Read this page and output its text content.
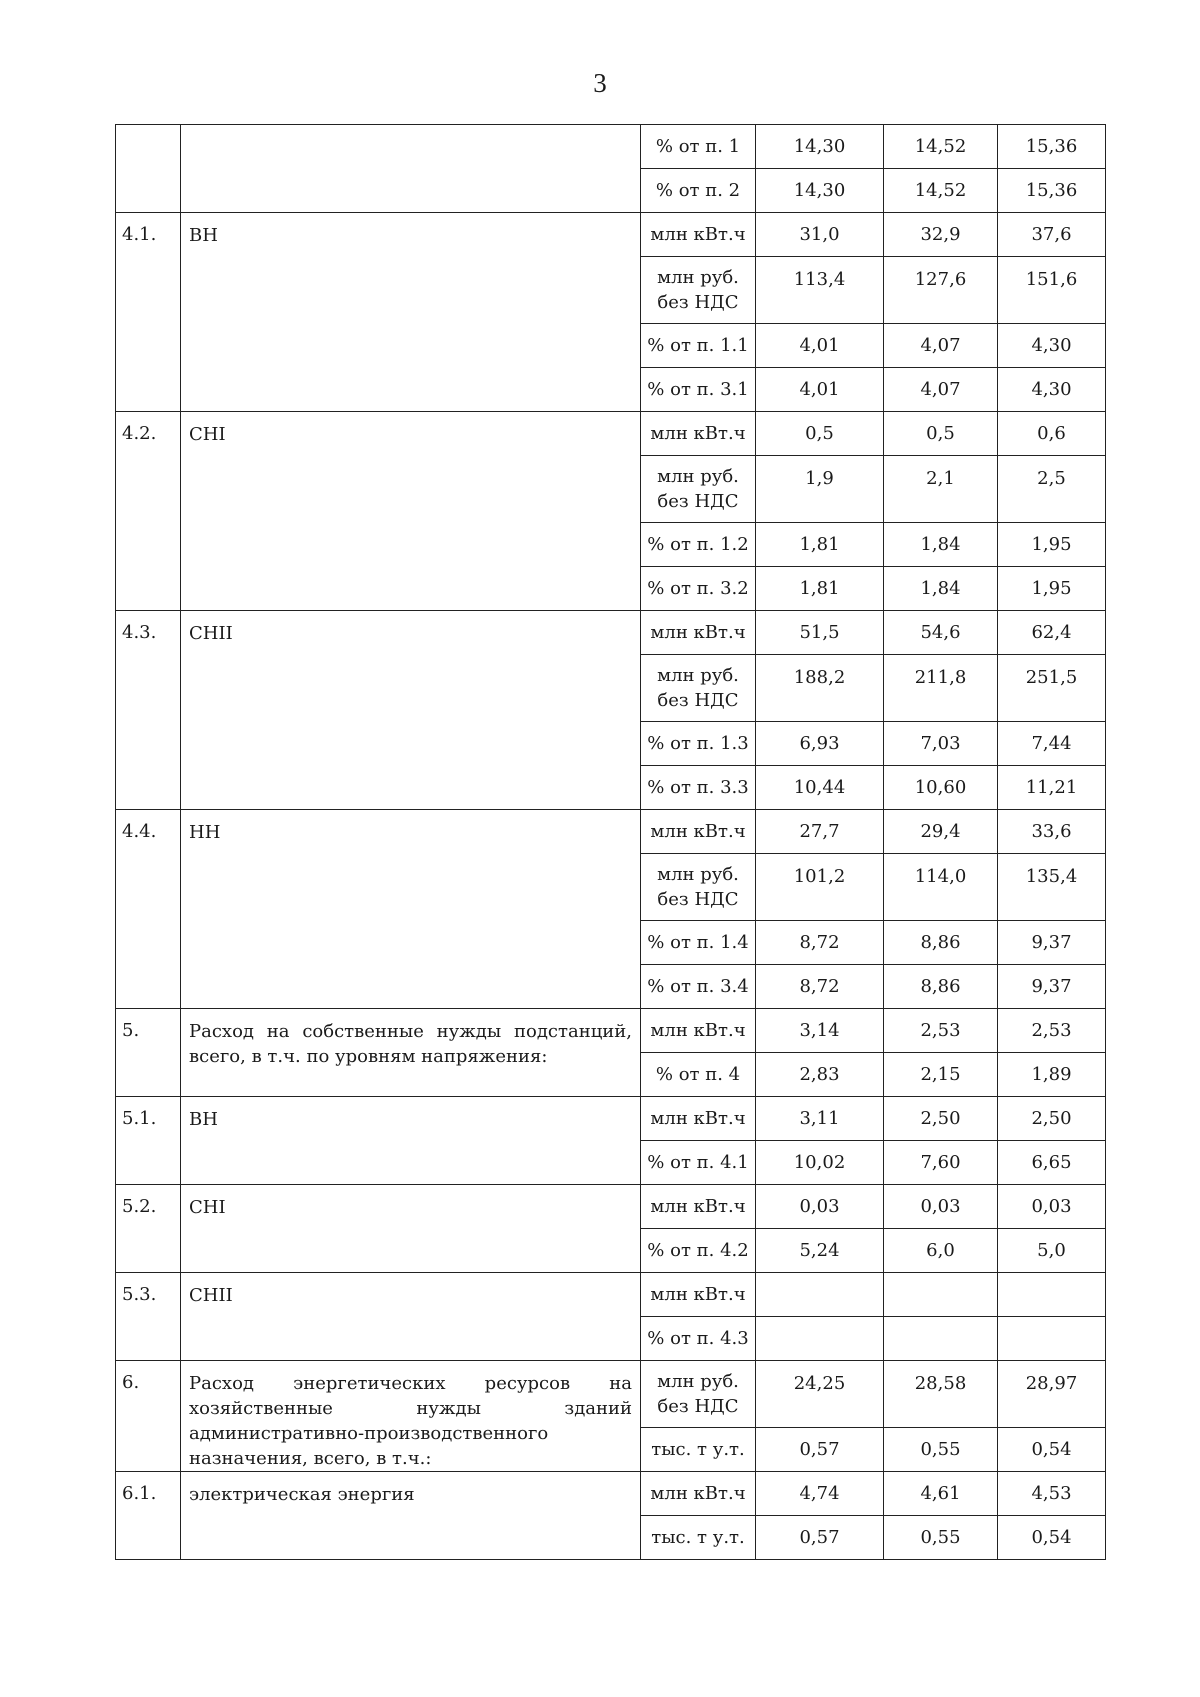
3
		% от п. 1	14,30	14,52	15,36
		% от п. 2	14,30	14,52	15,36
4.1.	ВН	млн кВт.ч	31,0	32,9	37,6
		млн руб. без НДС	113,4	127,6	151,6
		% от п. 1.1	4,01	4,07	4,30
		% от п. 3.1	4,01	4,07	4,30
4.2.	СНI	млн кВт.ч	0,5	0,5	0,6
		млн руб. без НДС	1,9	2,1	2,5
		% от п. 1.2	1,81	1,84	1,95
		% от п. 3.2	1,81	1,84	1,95
4.3.	СНII	млн кВт.ч	51,5	54,6	62,4
		млн руб. без НДС	188,2	211,8	251,5
		% от п. 1.3	6,93	7,03	7,44
		% от п. 3.3	10,44	10,60	11,21
4.4.	НН	млн кВт.ч	27,7	29,4	33,6
		млн руб. без НДС	101,2	114,0	135,4
		% от п. 1.4	8,72	8,86	9,37
		% от п. 3.4	8,72	8,86	9,37
5.	Расход на собственные нужды подстанций, всего, в т.ч. по уровням напряжения:	млн кВт.ч	3,14	2,53	2,53
		% от п. 4	2,83	2,15	1,89
5.1.	ВН	млн кВт.ч	3,11	2,50	2,50
		% от п. 4.1	10,02	7,60	6,65
5.2.	СНI	млн кВт.ч	0,03	0,03	0,03
		% от п. 4.2	5,24	6,0	5,0
5.3.	СНII	млн кВт.ч			
		% от п. 4.3			
6.	Расход энергетических ресурсов на хозяйственные нужды зданий административно-производственного назначения, всего, в т.ч.:	млн руб. без НДС	24,25	28,58	28,97
		тыс. т у.т.	0,57	0,55	0,54
6.1.	электрическая энергия	млн кВт.ч	4,74	4,61	4,53
		тыс. т у.т.	0,57	0,55	0,54
